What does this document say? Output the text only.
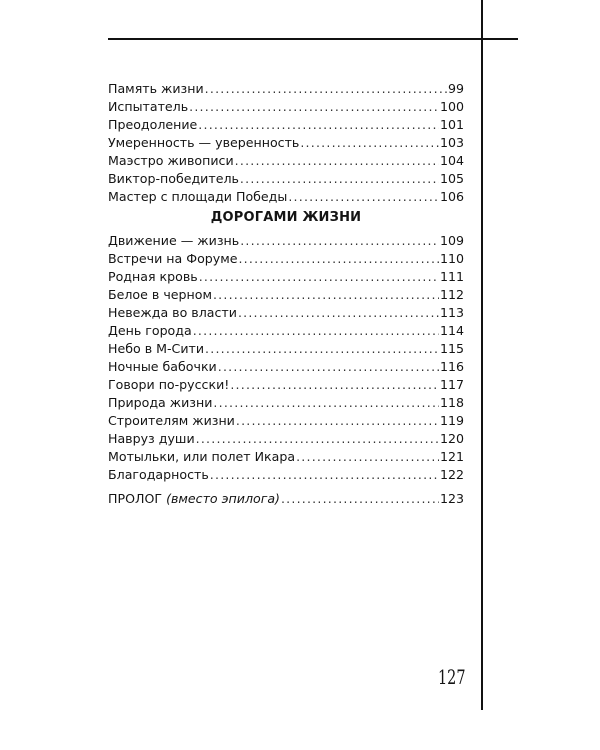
Память жизни .....	99
Испытатель .....	100
Преодоление .....	101
Умеренность — уверенность .....	103
Маэстро живописи .....	104
Виктор-победитель .....	105
Мастер с площади Победы .....	106
ДОРОГАМИ ЖИЗНИ
Движение — жизнь .....	109
Встречи на Форуме .....	110
Родная кровь .....	111
Белое в черном .....	112
Невежда во власти .....	113
День города .....	114
Небо в М-Сити .....	115
Ночные бабочки .....	116
Говори по-русски! .....	117
Природа жизни .....	118
Строителям жизни .....	119
Навруз души .....	120
Мотыльки, или полет Икара .....	121
Благодарность .....	122
ПРОЛОГ (вместо эпилога) .....	123
127
